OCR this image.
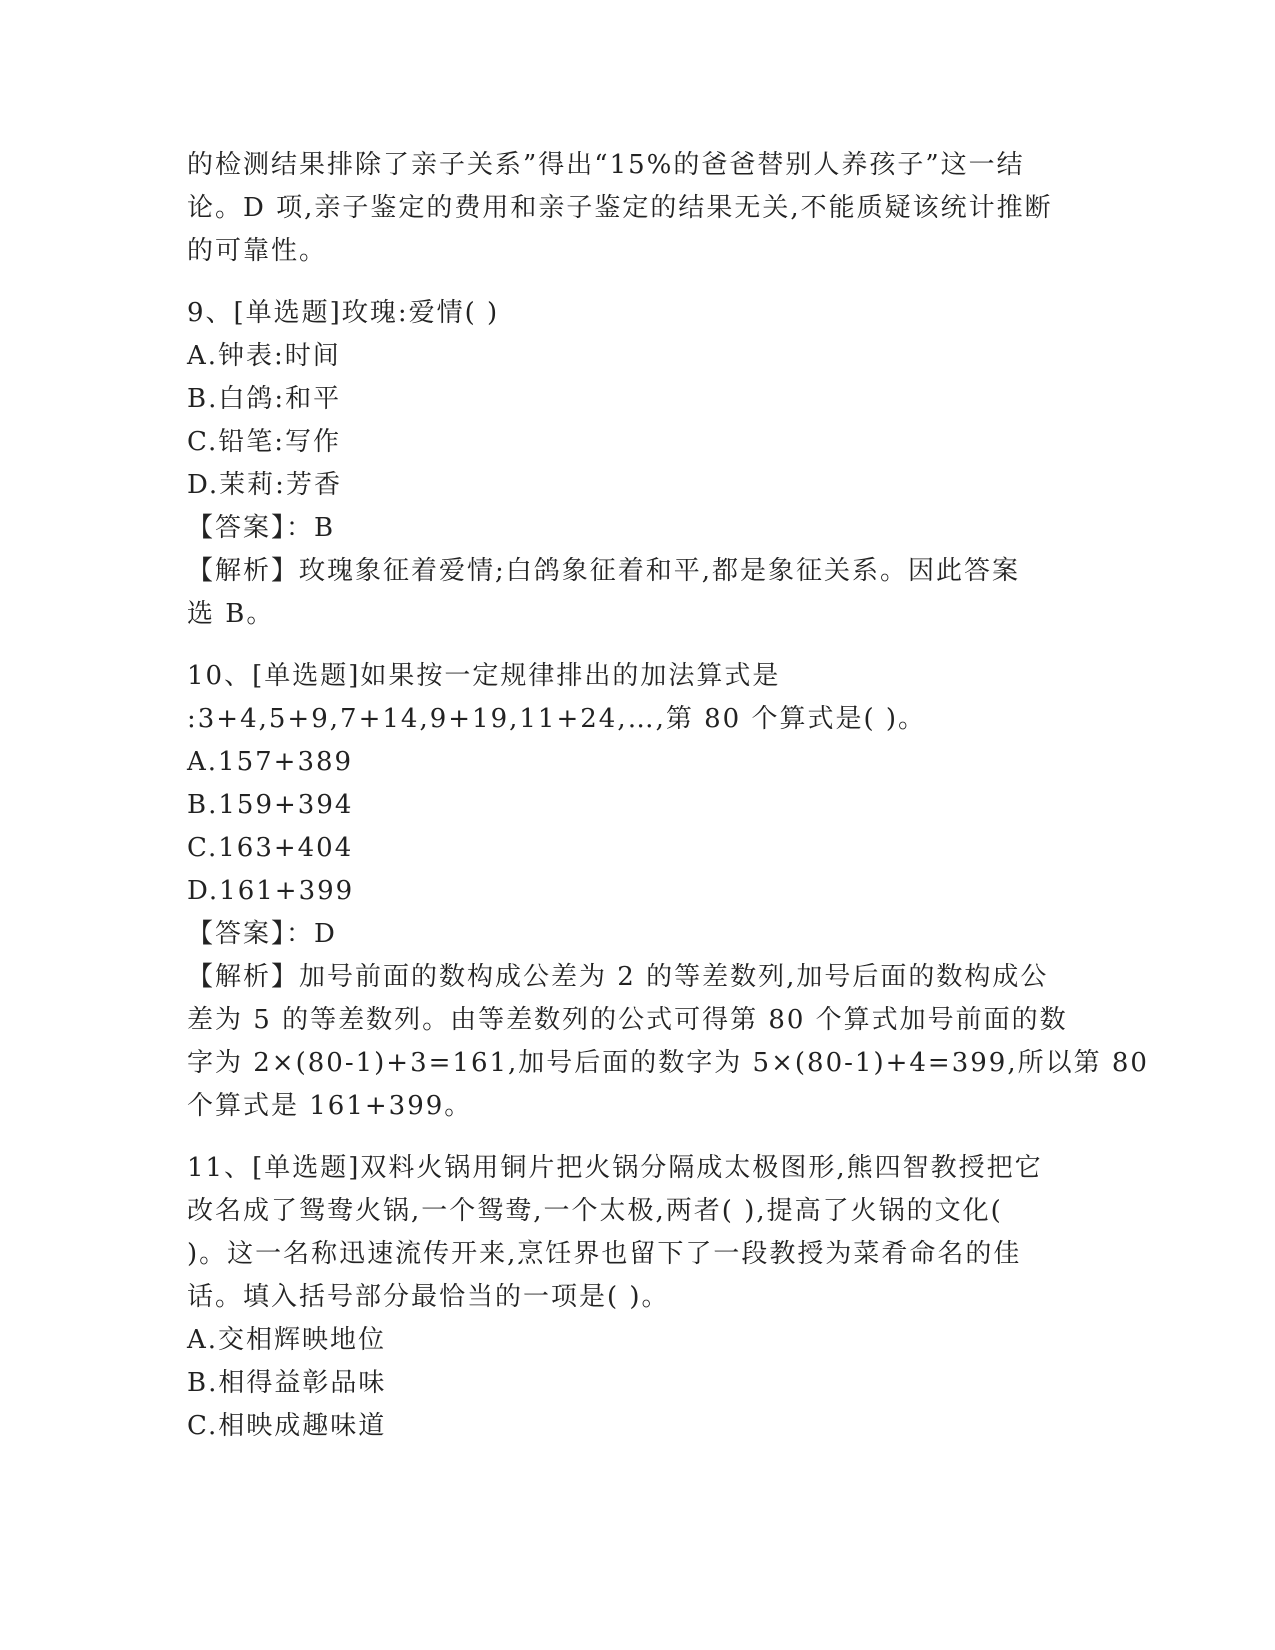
的检测结果排除了亲子关系”得出“15%的爸爸替别人养孩子”这一结
论。D 项,亲子鉴定的费用和亲子鉴定的结果无关,不能质疑该统计推断
的可靠性。
9、[单选题]玫瑰:爱情( )
A.钟表:时间
B.白鸽:和平
C.铅笔:写作
D.茉莉:芳香
【答案】：B
【解析】玫瑰象征着爱情;白鸽象征着和平,都是象征关系。因此答案
选 B。
10、[单选题]如果按一定规律排出的加法算式是
:3+4,5+9,7+14,9+19,11+24,…,第 80 个算式是( )。
A.157+389
B.159+394
C.163+404
D.161+399
【答案】：D
【解析】加号前面的数构成公差为 2 的等差数列,加号后面的数构成公
差为 5 的等差数列。由等差数列的公式可得第 80 个算式加号前面的数
字为 2×(80-1)+3=161,加号后面的数字为 5×(80-1)+4=399,所以第 80
个算式是 161+399。
11、[单选题]双料火锅用铜片把火锅分隔成太极图形,熊四智教授把它
改名成了鸳鸯火锅,一个鸳鸯,一个太极,两者( ),提高了火锅的文化(
)。这一名称迅速流传开来,烹饪界也留下了一段教授为菜肴命名的佳
话。填入括号部分最恰当的一项是( )。
A.交相辉映地位
B.相得益彰品味
C.相映成趣味道
